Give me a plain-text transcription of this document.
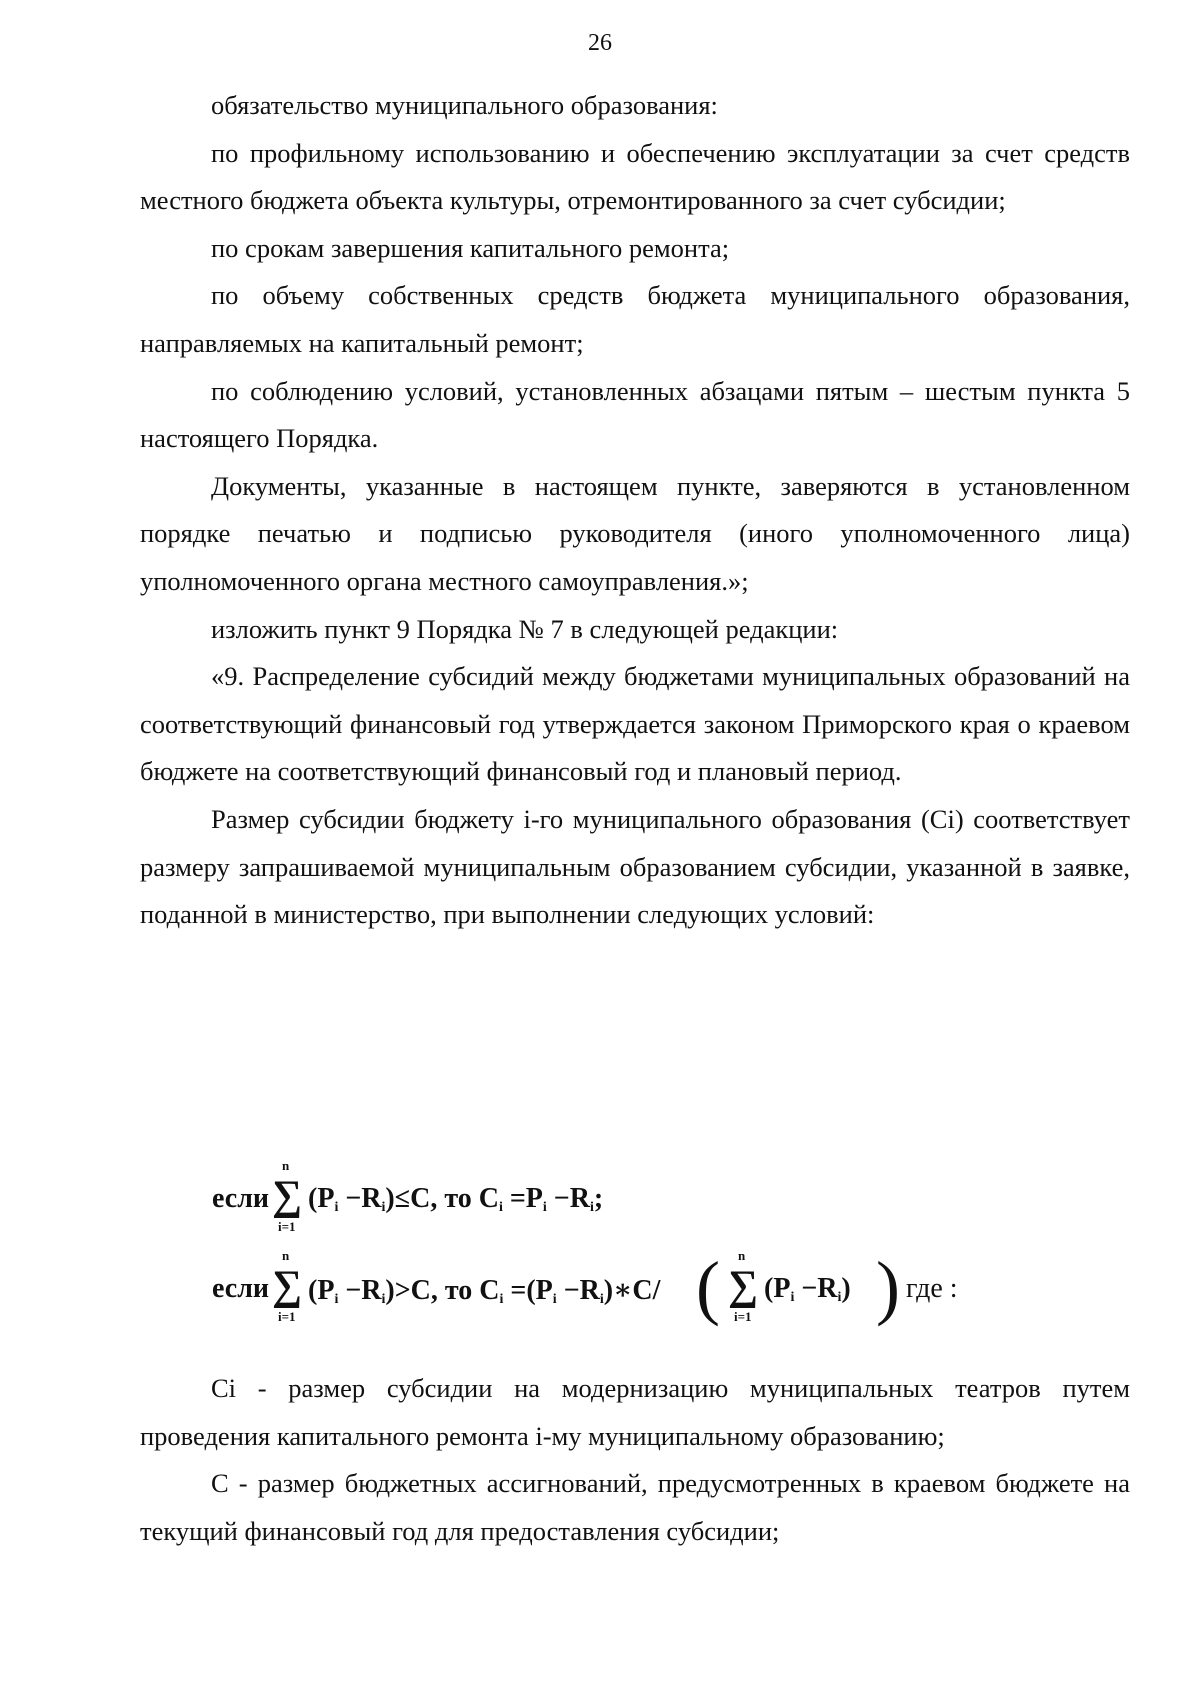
26

обязательство муниципального образования:

по профильному использованию и обеспечению эксплуатации за счет средств местного бюджета объекта культуры, отремонтированного за счет субсидии;

по срокам завершения капитального ремонта;

по объему собственных средств бюджета муниципального образования, направляемых на капитальный ремонт;

по соблюдению условий, установленных абзацами пятым – шестым пункта 5 настоящего Порядка.

Документы, указанные в настоящем пункте, заверяются в установленном порядке печатью и подписью руководителя (иного уполномоченного лица) уполномоченного органа местного самоуправления.»;

изложить пункт 9 Порядка № 7 в следующей редакции:

«9. Распределение субсидий между бюджетами муниципальных образований на соответствующий финансовый год утверждается законом Приморского края о краевом бюджете на соответствующий финансовый год и плановый период.

Размер субсидии бюджету i-го муниципального образования (Ci) соответствует размеру запрашиваемой муниципальным образованием субсидии, указанной в заявке, поданной в министерство, при выполнении следующих условий:

если
n
∑
i=1
$(P_i -R_i)\le C$, то $C_i =P_i -R_i$;
если
n
∑
i=1
$(P_i -R_i)>C$, то $C_i =(P_i$ $-R_i)∗C/$ ( n
∑
i=1
$(P_i -R_i)$ ) где :

Ci - размер субсидии на модернизацию муниципальных театров путем проведения капитального ремонта i-му муниципальному образованию;

С - размер бюджетных ассигнований, предусмотренных в краевом бюджете на текущий финансовый год для предоставления субсидии;
